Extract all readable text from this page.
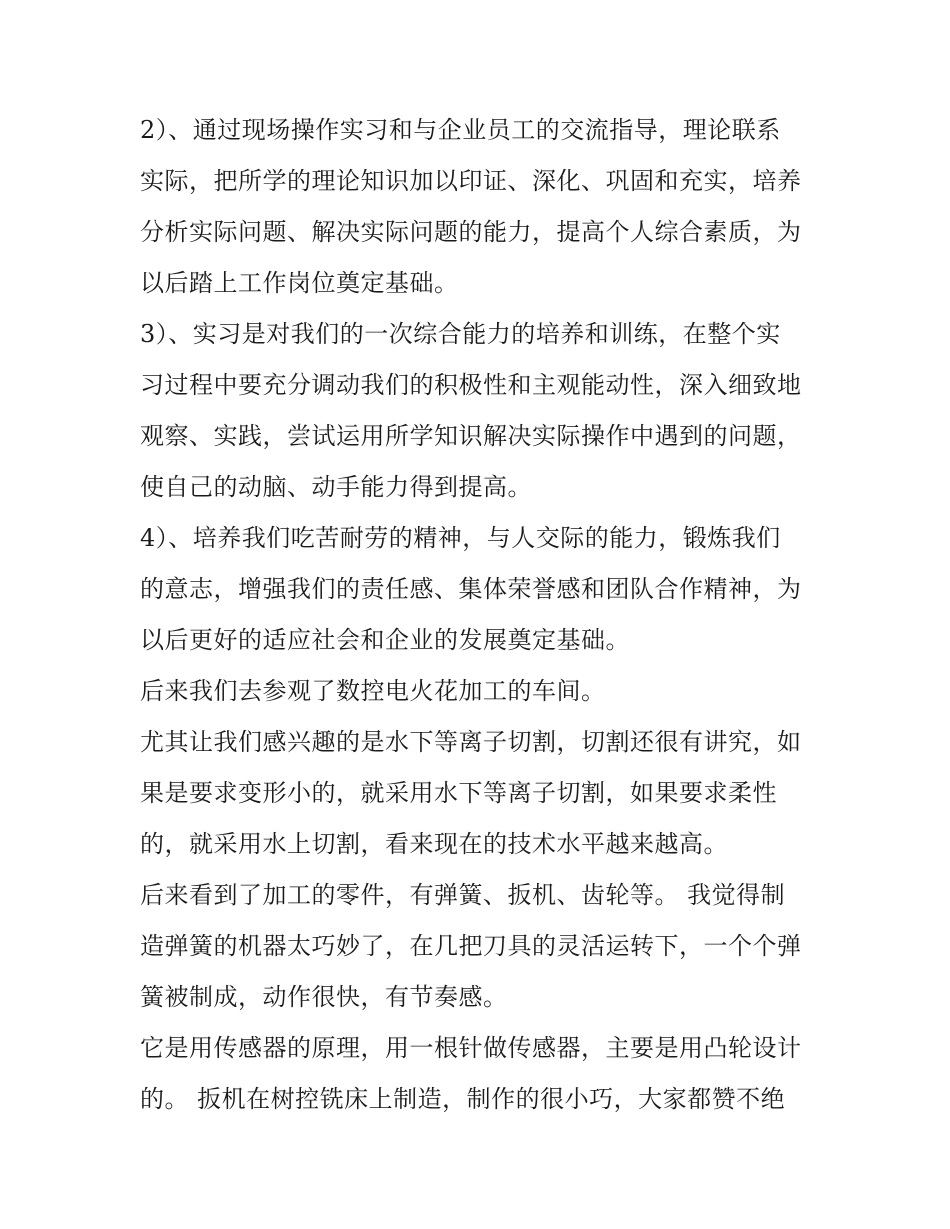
2）、通过现场操作实习和与企业员工的交流指导，理论联系

实际，把所学的理论知识加以印证、深化、巩固和充实，培养

分析实际问题、解决实际问题的能力，提高个人综合素质，为

以后踏上工作岗位奠定基础。

3）、实习是对我们的一次综合能力的培养和训练，在整个实

习过程中要充分调动我们的积极性和主观能动性，深入细致地

观察、实践，尝试运用所学知识解决实际操作中遇到的问题，

使自己的动脑、动手能力得到提高。

4）、培养我们吃苦耐劳的精神，与人交际的能力，锻炼我们

的意志，增强我们的责任感、集体荣誉感和团队合作精神，为

以后更好的适应社会和企业的发展奠定基础。

后来我们去参观了数控电火花加工的车间。

尤其让我们感兴趣的是水下等离子切割，切割还很有讲究，如

果是要求变形小的，就采用水下等离子切割，如果要求柔性

的，就采用水上切割，看来现在的技术水平越来越高。

后来看到了加工的零件，有弹簧、扳机、齿轮等。 我觉得制

造弹簧的机器太巧妙了，在几把刀具的灵活运转下，一个个弹

簧被制成，动作很快，有节奏感。

它是用传感器的原理，用一根针做传感器，主要是用凸轮设计

的。 扳机在树控铣床上制造，制作的很小巧，大家都赞不绝
